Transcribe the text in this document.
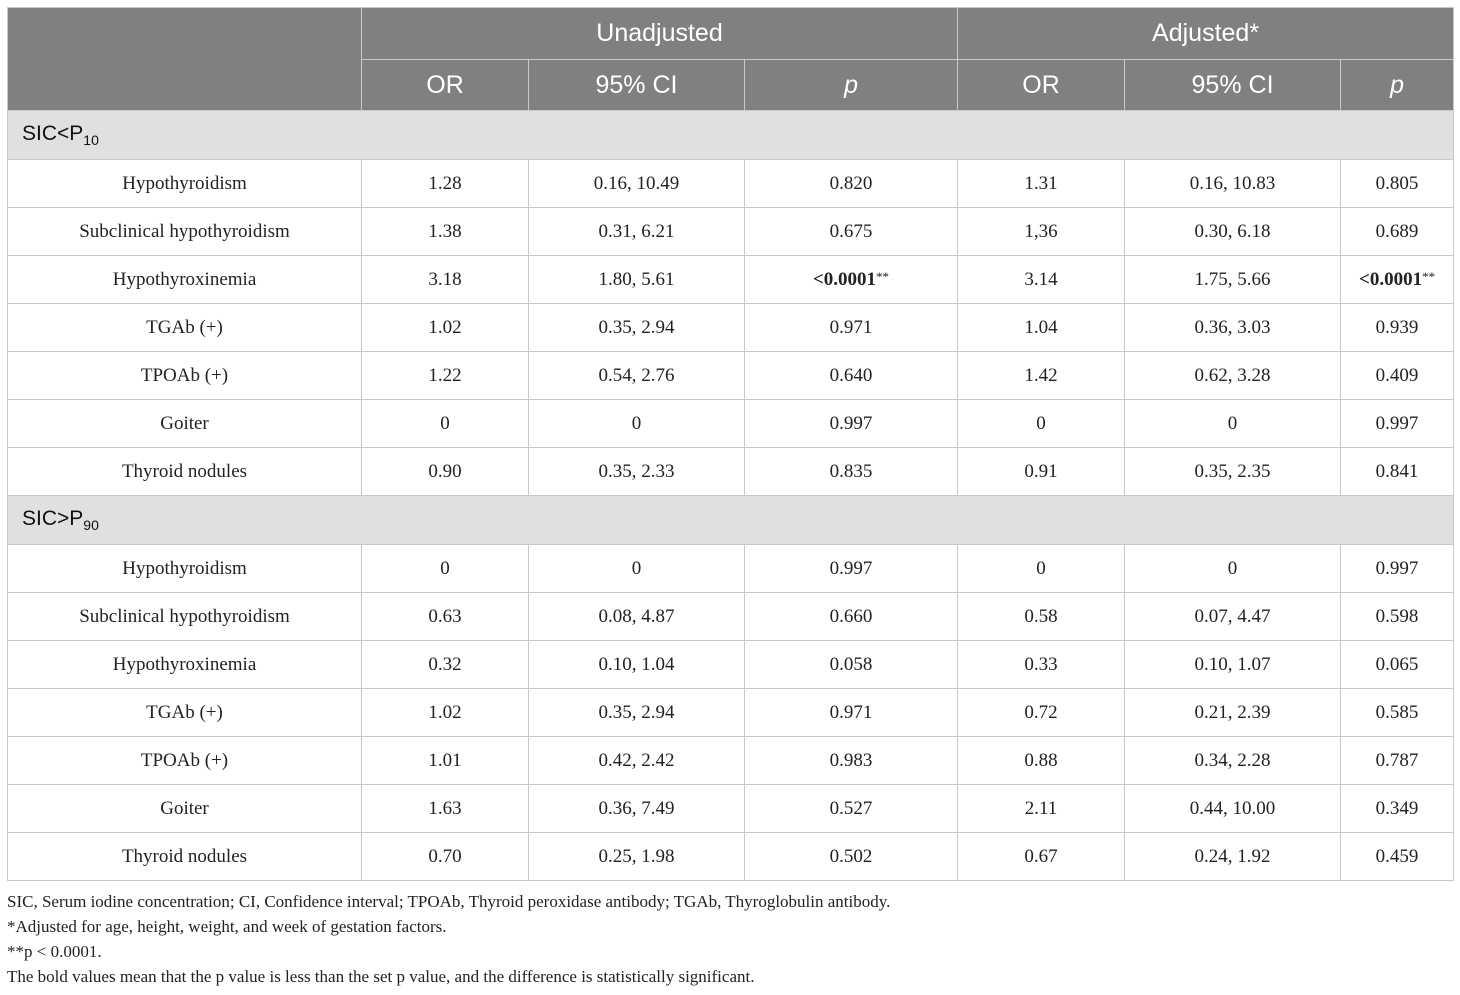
	Unadjusted			Adjusted*		
	OR	95% CI	p	OR	95% CI	p
$SIC<P_{10}$
Hypothyroidism	1.28	0.16, 10.49	0.820	1.31	0.16, 10.83	0.805
Subclinical hypothyroidism	1.38	0.31, 6.21	0.675	1,36	0.30, 6.18	0.689
Hypothyroxinemia	3.18	1.80, 5.61	<0.0001**	3.14	1.75, 5.66	<0.0001**
TGAb (+)	1.02	0.35, 2.94	0.971	1.04	0.36, 3.03	0.939
TPOAb (+)	1.22	0.54, 2.76	0.640	1.42	0.62, 3.28	0.409
Goiter	0	0	0.997	0	0	0.997
Thyroid nodules	0.90	0.35, 2.33	0.835	0.91	0.35, 2.35	0.841
$SIC>P_{90}$
Hypothyroidism	0	0	0.997	0	0	0.997
Subclinical hypothyroidism	0.63	0.08, 4.87	0.660	0.58	0.07, 4.47	0.598
Hypothyroxinemia	0.32	0.10, 1.04	0.058	0.33	0.10, 1.07	0.065
TGAb (+)	1.02	0.35, 2.94	0.971	0.72	0.21, 2.39	0.585
TPOAb (+)	1.01	0.42, 2.42	0.983	0.88	0.34, 2.28	0.787
Goiter	1.63	0.36, 7.49	0.527	2.11	0.44, 10.00	0.349
Thyroid nodules	0.70	0.25, 1.98	0.502	0.67	0.24, 1.92	0.459

SIC, Serum iodine concentration; CI, Confidence interval; TPOAb, Thyroid peroxidase antibody; TGAb, Thyroglobulin antibody.

*Adjusted for age, height, weight, and week of gestation factors.

**p < 0.0001.

The bold values mean that the p value is less than the set p value, and the difference is statistically significant.
